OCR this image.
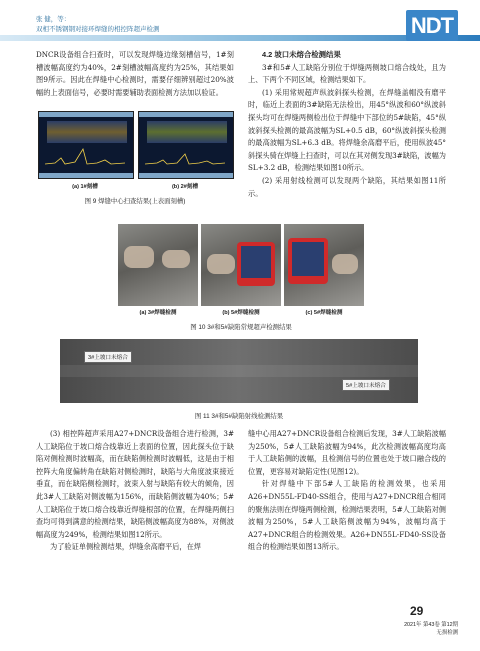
张 健，等：
双相不锈钢钢对接环焊缝的相控阵超声检测	NDT

DNCR设备组合扫查时，可以发现焊缝边缘刻槽信号，1#刻槽波幅高度约为40%，2#刻槽波幅高度约为25%，其结果如图9所示。因此在焊缝中心检测时，需要仔细辨别超过20%波幅的上表面信号，必要时需要辅助表面检测方法加以验证。

(a) 1#刻槽	(b) 2#刻槽
图 9 焊缝中心扫查结果(上表面刻槽)

4.2 坡口未熔合检测结果

3#和5#人工缺陷分别位于焊缝两侧坡口熔合线处，且为上、下两个不同区域，检测结果如下。

(1) 采用常规超声纵波斜探头检测，在焊缝盖帽没有磨平时，临近上表面的3#缺陷无法检出，用45°纵波和60°纵波斜探头均可在焊缝两侧检出位于焊缝中下部位的5#缺陷，45°纵波斜探头检测的最高波幅为SL+0.5 dB，60°纵波斜探头检测的最高波幅为SL+6.3 dB。将焊缝余高磨平后，使用纵波45°斜探头骑在焊缝上扫查时，可以在其对侧发现3#缺陷，波幅为SL+3.2 dB，检测结果如图10所示。

(2) 采用射线检测可以发现两个缺陷，其结果如图11所示。

(a) 3#焊缝检测	(b) 5#焊缝检测	(c) 5#焊缝检测
图 10 3#和5#缺陷常规超声检测结果
3#上坡口未熔合
5#上坡口未熔合
图 11 3#和5#缺陷射线检测结果

(3) 相控阵超声采用A27+DNCR设备组合进行检测，3#人工缺陷位于坡口熔合线靠近上表面的位置，因此探头位于缺陷对侧检测时波幅高，而在缺陷侧检测时波幅低，这是由于相控阵大角度偏转角在缺陷对侧检测时，缺陷与大角度波束接近垂直，而在缺陷侧检测时，波束入射与缺陷有较大的倾角，因此3#人工缺陷对侧波幅为156%，而缺陷侧波幅为40%；5#人工缺陷位于坡口熔合线靠近焊缝根部的位置，在焊缝两侧扫查均可得到满意的检测结果，缺陷侧波幅高度为88%，对侧波幅高度为249%，检测结果如图12所示。

为了验证单侧检测结果，焊缝余高磨平后，在焊

缝中心用A27+DNCR设备组合检测后发现，3#人工缺陷波幅为250%，5#人工缺陷波幅为94%，此次检测波幅高度均高于人工缺陷侧的波幅，且检测信号的位置也处于坡口融合线的位置，更容易对缺陷定性(见图12)。

针对焊缝中下部5#人工缺陷的检测效果，也采用A26+DN55L-FD40-SS组合，使用与A27+DNCR组合相同的聚焦法则在焊缝两侧检测，检测结果表明，5#人工缺陷对侧波幅为250%，5#人工缺陷侧波幅为94%，波幅均高于A27+DNCR组合的检测效果。A26+DN55L-FD40-SS设备组合的检测结果如图13所示。

29
2021年 第43卷 第12期
无损检测
